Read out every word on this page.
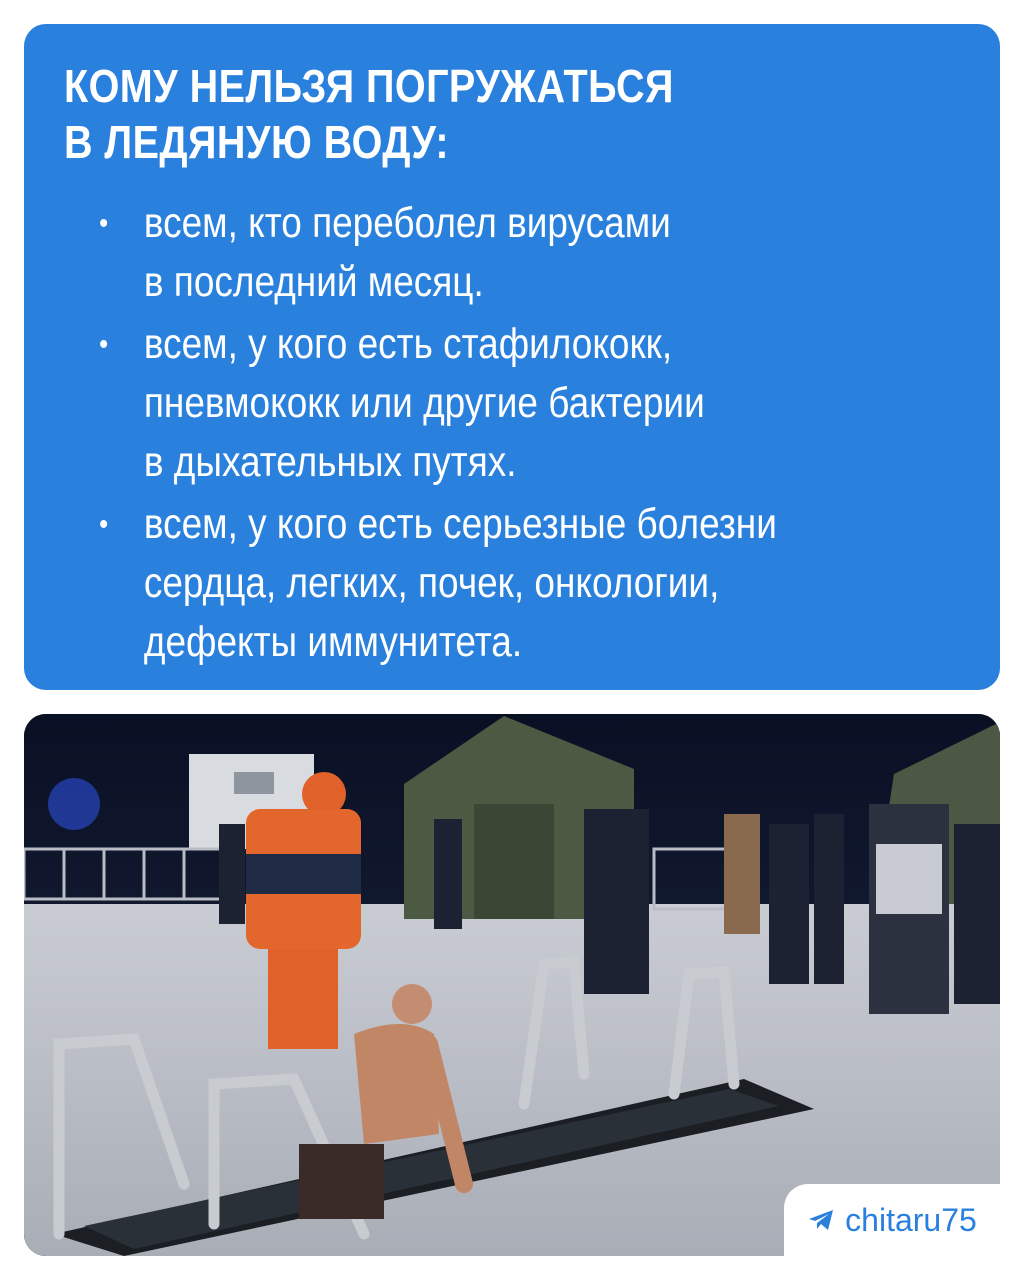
КОМУ НЕЛЬЗЯ ПОГРУЖАТЬСЯ
В ЛЕДЯНУЮ ВОДУ:
• всем, кто переболел вирусами
в последний месяц.
• всем, у кого есть стафилококк,
пневмококк или другие бактерии
в дыхательных путях.
• всем, у кого есть серьезные болезни
сердца, легких, почек, онкологии,
дефекты иммунитета.
chitaru75
